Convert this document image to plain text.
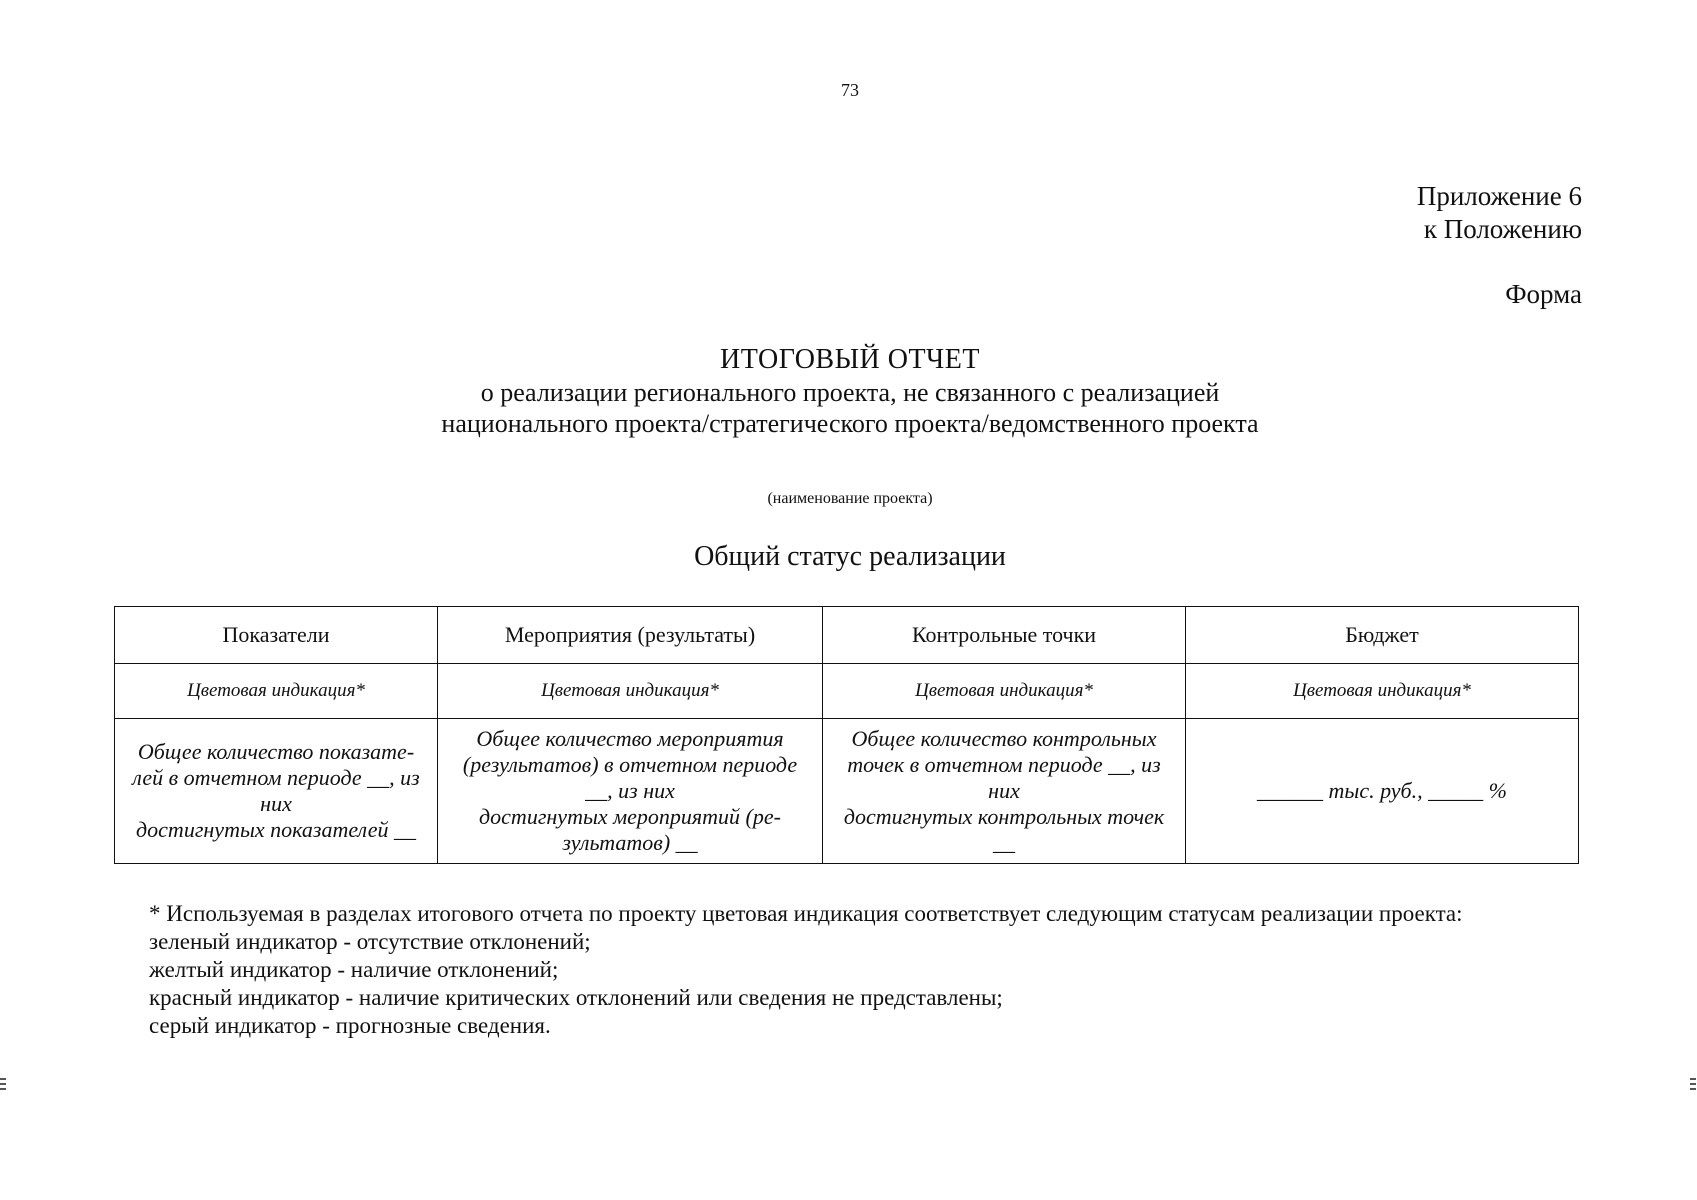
73
Приложение 6
к Положению
Форма
ИТОГОВЫЙ ОТЧЕТ
о реализации регионального проекта, не связанного с реализацией
национального проекта/стратегического проекта/ведомственного проекта
(наименование проекта)
Общий статус реализации
Показатели	Мероприятия (результаты)	Контрольные точки	Бюджет
Цветовая индикация*	Цветовая индикация*	Цветовая индикация*	Цветовая индикация*
Общее количество показате-
лей в отчетном периоде __, из
них
достигнутых показателей __	Общее количество мероприятия
(результатов) в отчетном периоде
__, из них
достигнутых мероприятий (ре-
зультатов) __	Общее количество контрольных
точек в отчетном периоде __, из
них
достигнутых контрольных точек
__	______ тыс. руб., _____ %

* Используемая в разделах итогового отчета по проекту цветовая индикация соответствует следующим статусам реализации проекта:

зеленый индикатор - отсутствие отклонений;

желтый индикатор - наличие отклонений;

красный индикатор - наличие критических отклонений или сведения не представлены;

серый индикатор - прогнозные сведения.
